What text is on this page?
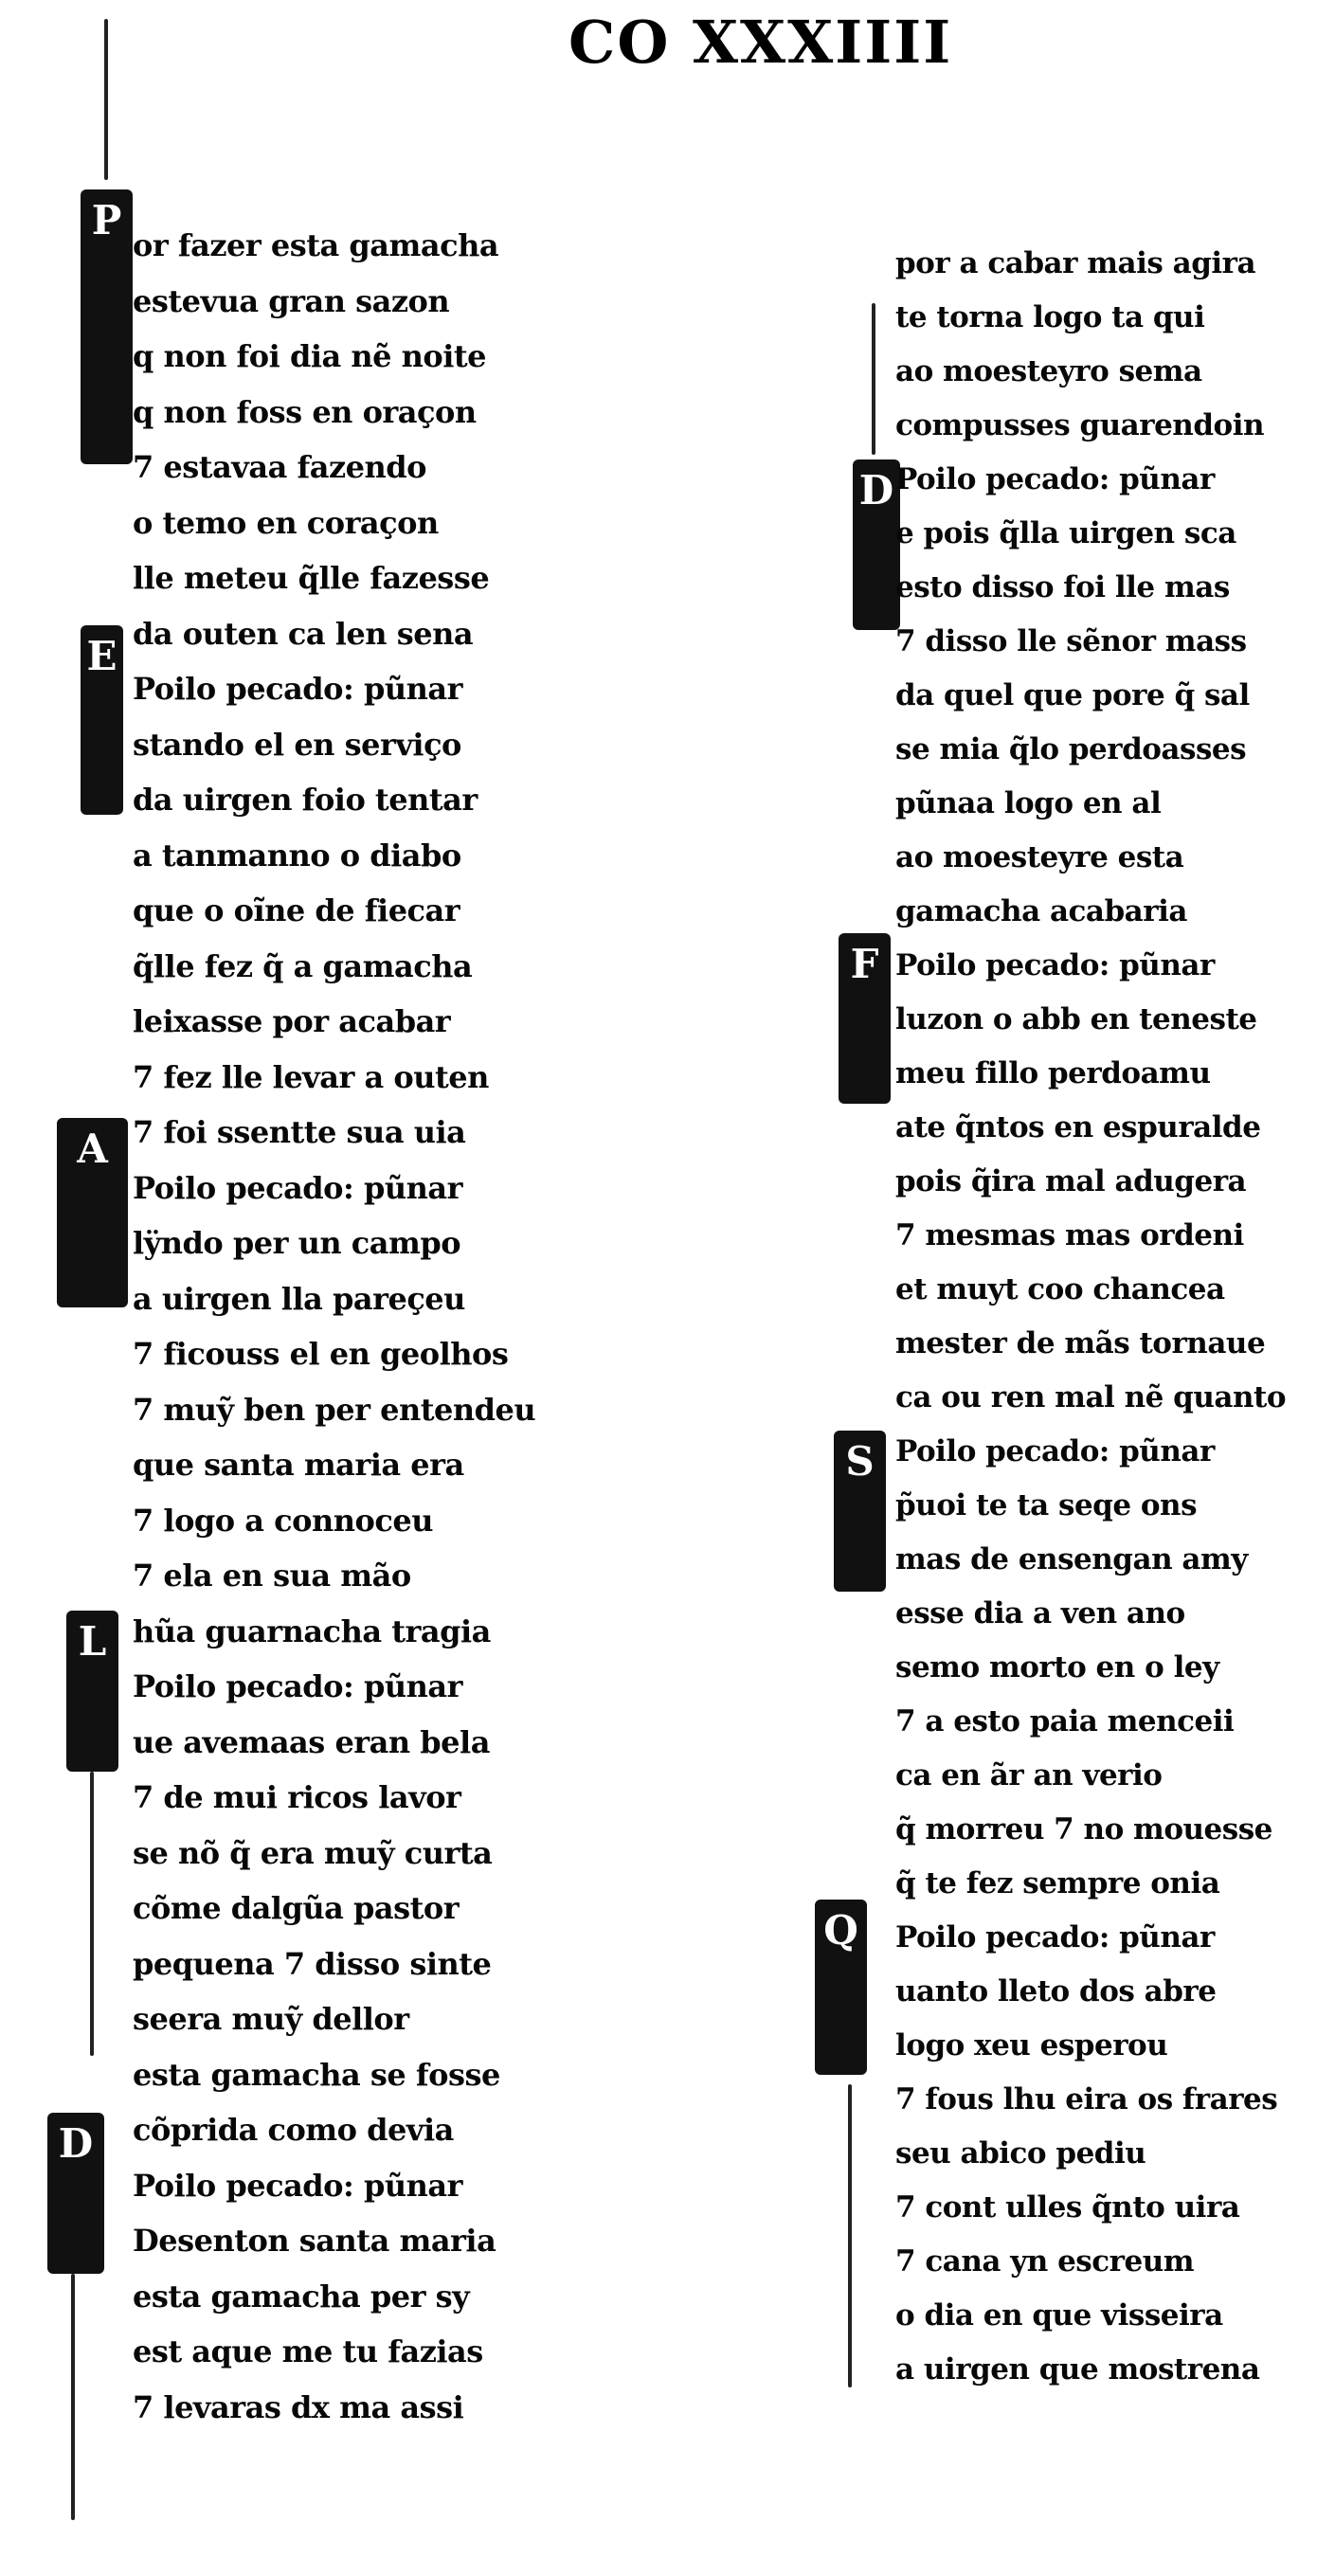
CO XXXIIII
P
E
A
L
D
D
F
S
Q
or fazer esta gamacha
estevua gran sazon
q non foi dia nẽ noite
q non foss en oraçon
7 estavaa fazendo
o temo en coraçon
lle meteu q̃lle fazesse
da outen ca len sena
Poilo pecado: pũnar
stando el en serviço
da uirgen foio tentar
a tanmanno o diabo
que o oĩne de fiecar
q̃lle fez q̃ a gamacha
leixasse por acabar
7 fez lle levar a outen
7 foi ssentte sua uia
Poilo pecado: pũnar
lÿndo per un campo
a uirgen lla pareçeu
7 ficouss el en geolhos
7 muỹ ben per entendeu
que santa maria era
7 logo a connoceu
7 ela en sua mão
hũa guarnacha tragia
Poilo pecado: pũnar
ue avemaas eran bela
7 de mui ricos lavor
se nõ q̃ era muỹ curta
cõme dalgũa pastor
pequena 7 disso sinte
seera muỹ dellor
esta gamacha se fosse
cõprida como devia
Poilo pecado: pũnar
Desenton santa maria
esta gamacha per sy
est aque me tu fazias
7 levaras dx ma assi
por a cabar mais agira
te torna logo ta qui
ao moesteyro sema
compusses guarendoin
Poilo pecado: pũnar
e pois q̃lla uirgen sca
esto disso foi lle mas
7 disso lle sẽnor mass
da quel que pore q̃ sal
se mia q̃lo perdoasses
pũnaa logo en al
ao moesteyre esta
gamacha acabaria
Poilo pecado: pũnar
luzon o abb en teneste
meu fillo perdoamu
ate q̃ntos en espuralde
pois q̃ira mal adugera
7 mesmas mas ordeni
et muyt coo chancea
mester de mãs tornaue
ca ou ren mal nẽ quanto
Poilo pecado: pũnar
p̃uoi te ta seqe ons
mas de ensengan amy
esse dia a ven ano
semo morto en o ley
7 a esto paia menceii
ca en ãr an verio
q̃ morreu 7 no mouesse
q̃ te fez sempre onia
Poilo pecado: pũnar
uanto lleto dos abre
logo xeu esperou
7 fous lhu eira os frares
seu abico pediu
7 cont ulles q̃nto uira
7 cana yn escreum
o dia en que visseira
a uirgen que mostrena
